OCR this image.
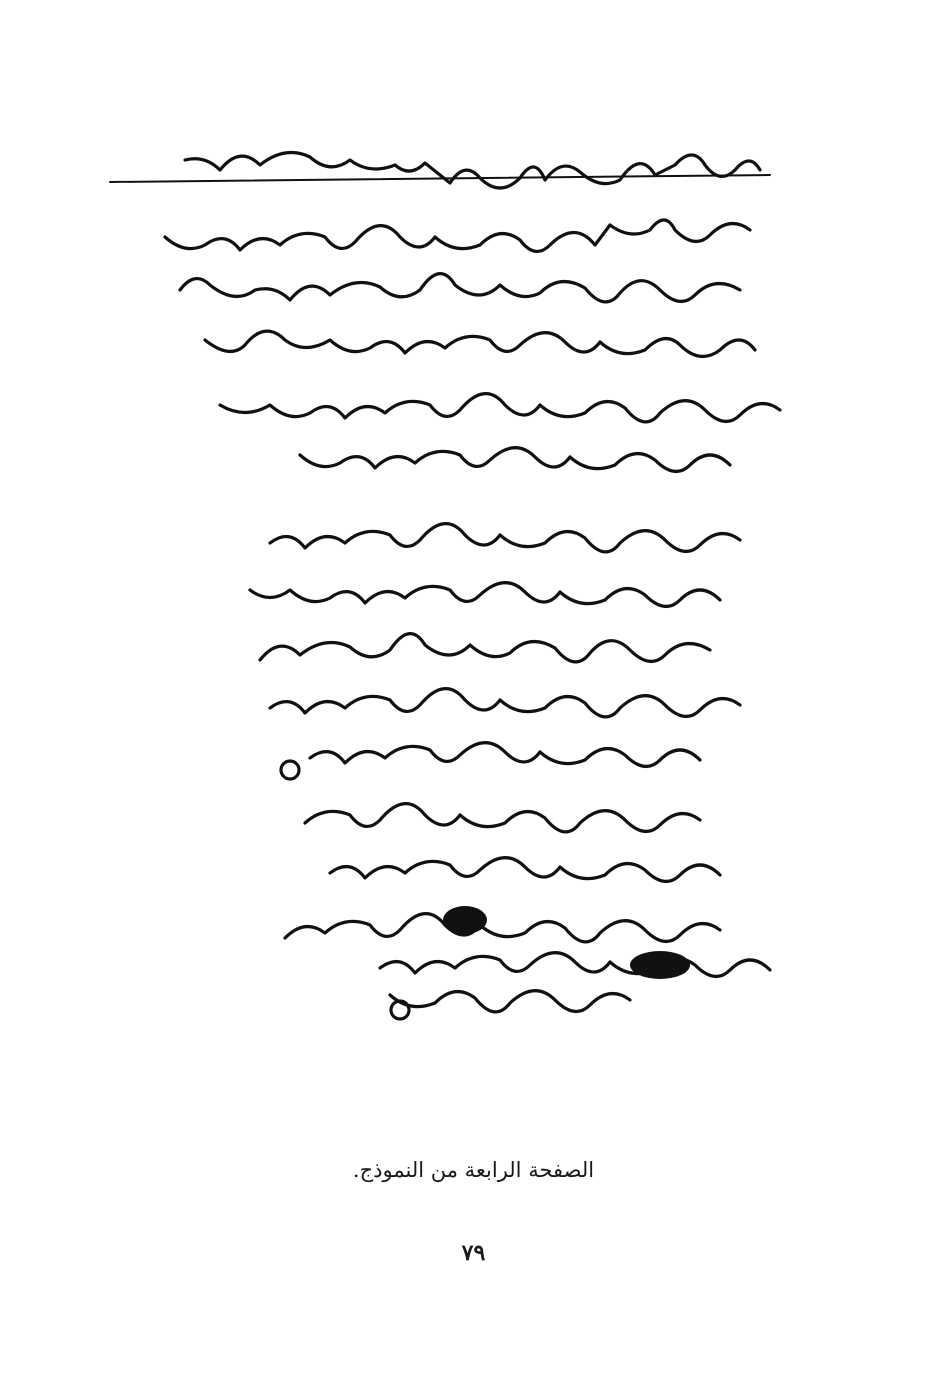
الصفحة الرابعة من النموذج.
٧٩
